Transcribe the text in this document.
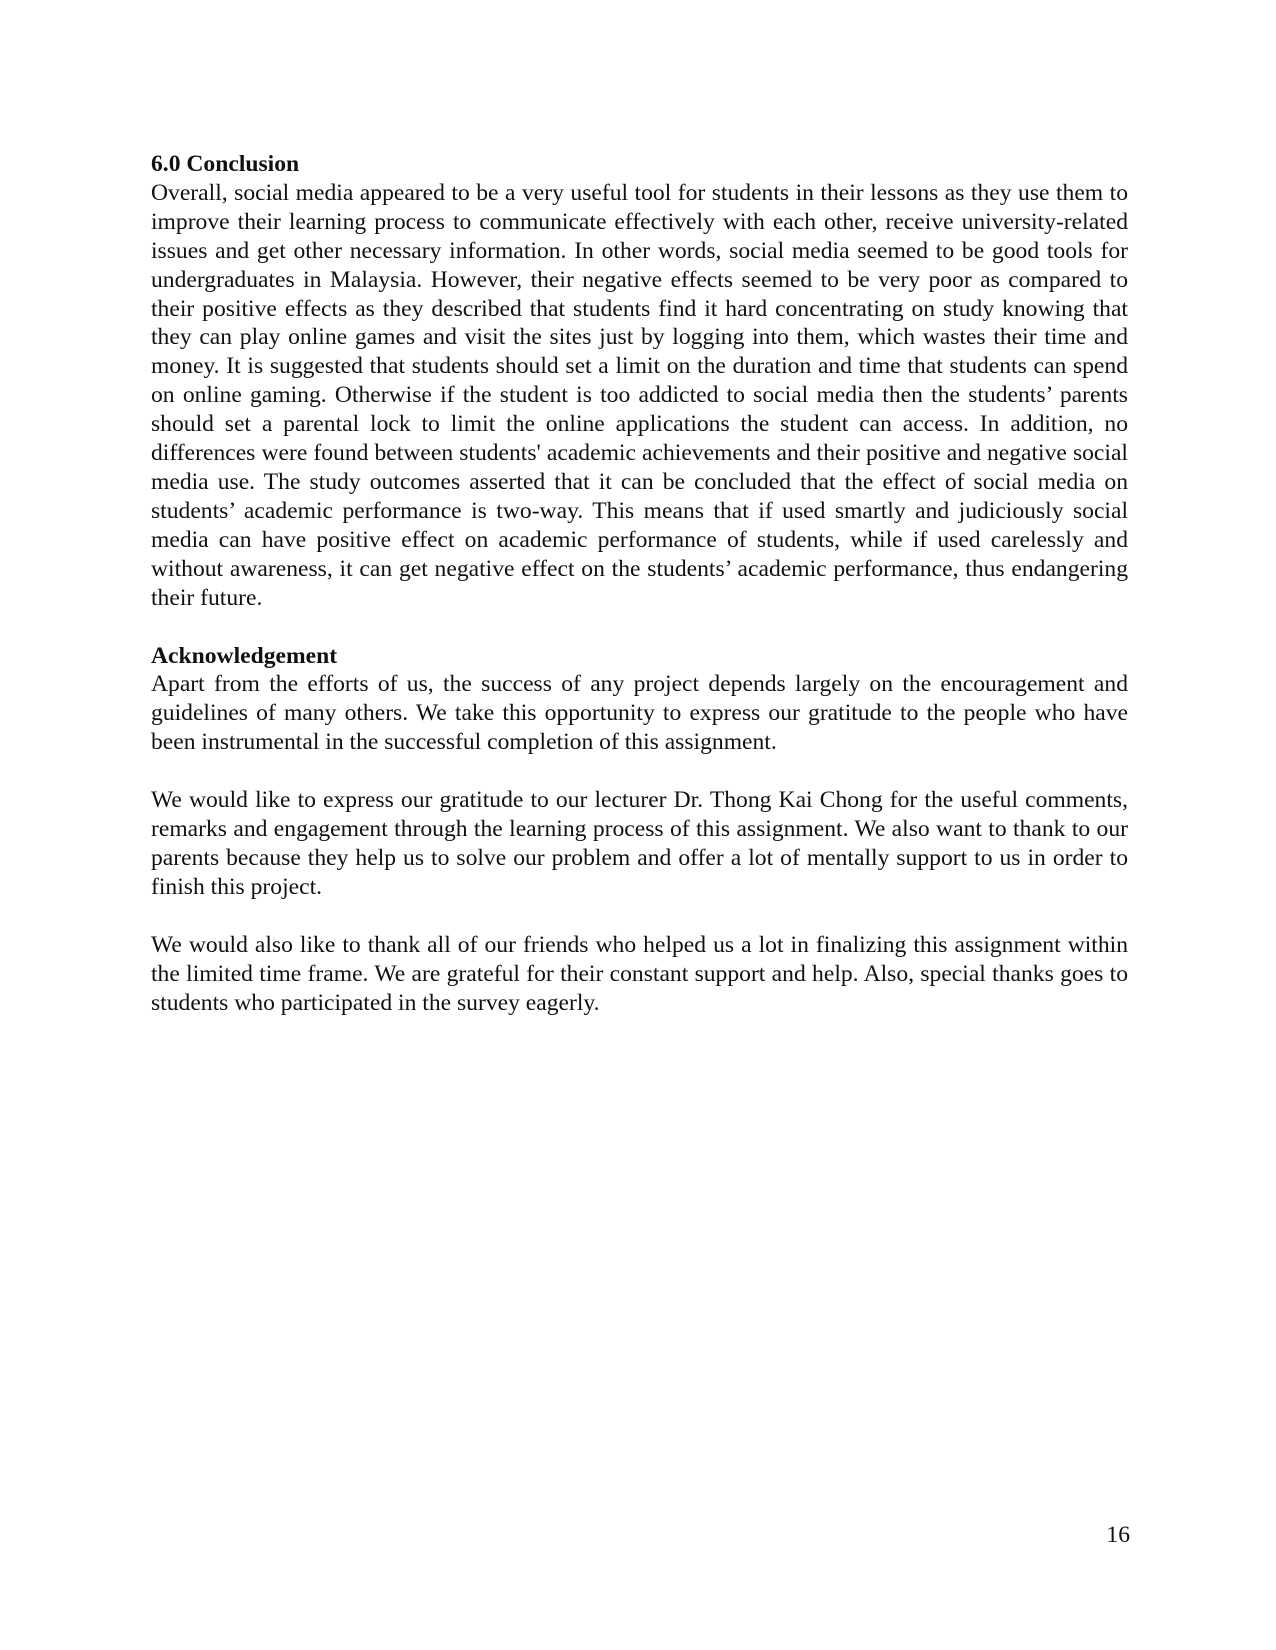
6.0 Conclusion

Overall, social media appeared to be a very useful tool for students in their lessons as they use them to improve their learning process to communicate effectively with each other, receive university-related issues and get other necessary information. In other words, social media seemed to be good tools for undergraduates in Malaysia. However, their negative effects seemed to be very poor as compared to their positive effects as they described that students find it hard concentrating on study knowing that they can play online games and visit the sites just by logging into them, which wastes their time and money. It is suggested that students should set a limit on the duration and time that students can spend on online gaming. Otherwise if the student is too addicted to social media then the students’ parents should set a parental lock to limit the online applications the student can access. In addition, no differences were found between students' academic achievements and their positive and negative social media use. The study outcomes asserted that it can be concluded that the effect of social media on students’ academic performance is two-way. This means that if used smartly and judiciously social media can have positive effect on academic performance of students, while if used carelessly and without awareness, it can get negative effect on the students’ academic performance, thus endangering their future.

Acknowledgement

Apart from the efforts of us, the success of any project depends largely on the encouragement and guidelines of many others. We take this opportunity to express our gratitude to the people who have been instrumental in the successful completion of this assignment.

We would like to express our gratitude to our lecturer Dr. Thong Kai Chong for the useful comments, remarks and engagement through the learning process of this assignment. We also want to thank to our parents because they help us to solve our problem and offer a lot of mentally support to us in order to finish this project.

We would also like to thank all of our friends who helped us a lot in finalizing this assignment within the limited time frame. We are grateful for their constant support and help. Also, special thanks goes to students who participated in the survey eagerly.

16
